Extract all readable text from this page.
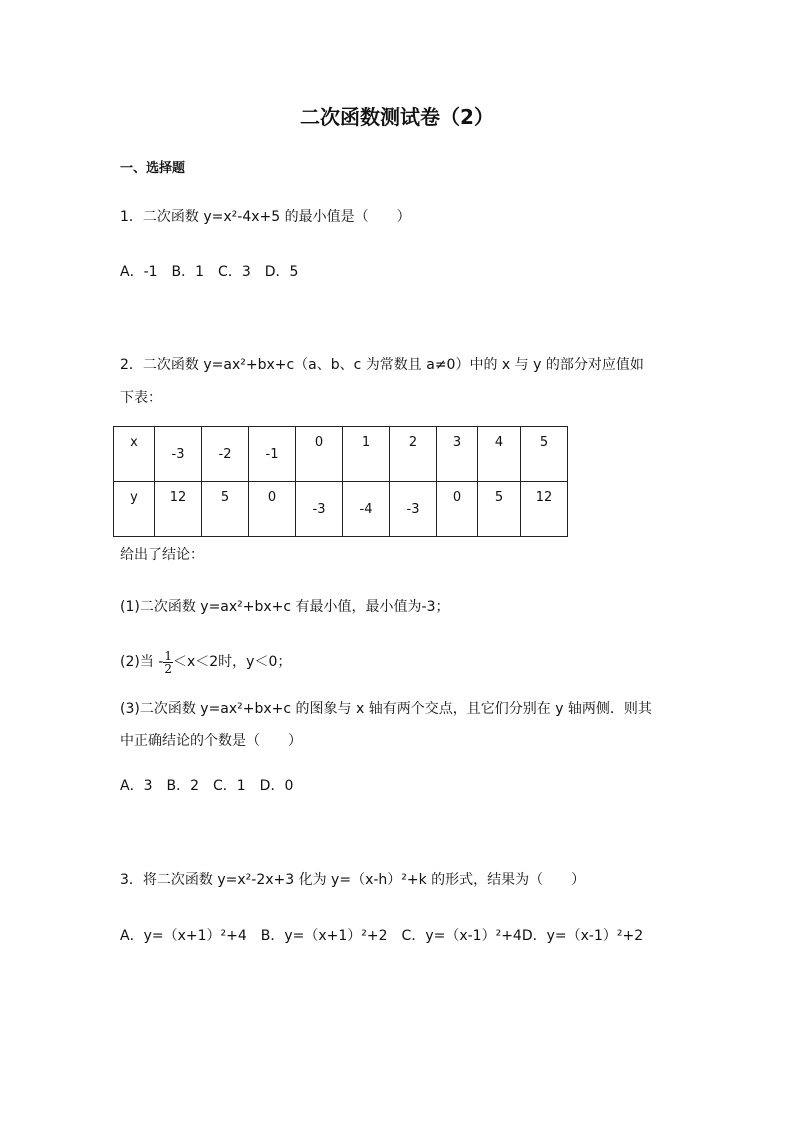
二次函数测试卷（2）
一、选择题
1．二次函数 y=x²-4x+5 的最小值是（　　）
A．-1　B．1　C．3　D．5
2．二次函数 y=ax²+bx+c（a、b、c 为常数且 a≠0）中的 x 与 y 的部分对应值如
下表：
x	-3	-2	-1	0	1	2	3	4	5
y	12	5	0	-3	-4	-3	0	5	12
给出了结论：
(1)二次函数 y=ax²+bx+c 有最小值，最小值为-3；
(2)当 - $\frac{1}{2} <x<2$时，y＜0；
(3)二次函数 y=ax²+bx+c 的图象与 x 轴有两个交点，且它们分别在 y 轴两侧．则其
中正确结论的个数是（　　）
A．3　B．2　C．1　D．0
3．将二次函数 y=x²-2x+3 化为 y=（x-h）²+k 的形式，结果为（　　）
A．y=（x+1）²+4　B．y=（x+1）²+2　C．y=（x-1）²+4D．y=（x-1）²+2
